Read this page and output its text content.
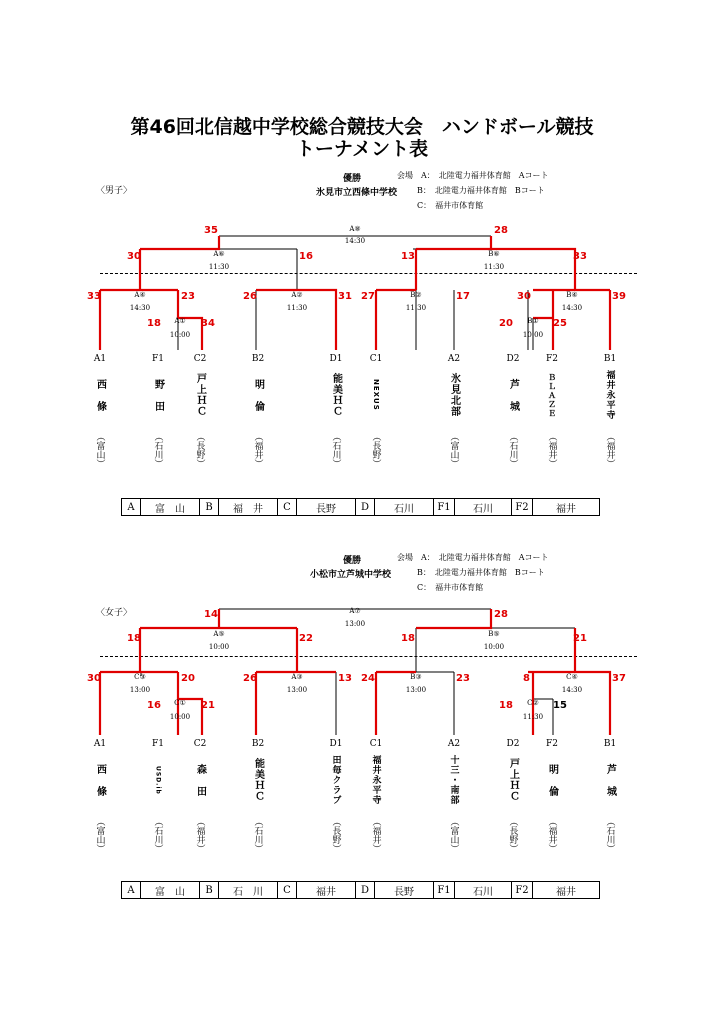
第46回北信越中学校総合競技大会　ハンドボール競技
トーナメント表
〈男子〉
優勝
氷見市立西條中学校
会場　 A：　 北陸電力福井体育館　Aコート
B：　 北陸電力福井体育館　Bコート
C：　 福井市体育館
A①
10:00
A②
11:30
A④
14:30
A⑥
11:30
A⑧
14:30
B①
10:00
B②
11:30
B④
14:30
B⑥
11:30
33	23
18	34
26	31 27	17	30	39
20	25
30	16	13	33
35	28
A1
西　條
（富山）
F1
野　田
（石川）
C2
戸上ＨＣ
（長野）
B2
明　倫
（福井）
D1
能美ＨＣ
（石川）
C1
NEXUS
（長野）
A2
氷見北部
（富山）
D2
芦　城
（石川）
F2
ＢＬＡＺＥ
（福井）
B1
福井永平寺
（福井）
A	富　山	B	福　井	C	長野	D	石川	F1	石川	F2	福井
〈女子〉
優勝
小松市立芦城中学校
会場　 A：　 北陸電力福井体育館　Aコート
B：　 北陸電力福井体育館　Bコート
C：　 福井市体育館
C①
10:00
A③
13:00
C③
13:00
A⑤
10:00
A⑦
13:00
C②
11:30
B③
13:00
C④
14:30
B⑤
10:00
30	20
16	21
26	13 24	23	8	37
18	15
18	22	18	21
14	28
A1
西　條
（富山）
F1
USD.ib
（石川）
C2
森　田
（福井）
B2
能美ＨＣ
（石川）
D1
田毎クラブ
（長野）
C1
福井永平寺
（福井）
A2
十三・南部
（富山）
D2
戸上ＨＣ
（長野）
F2
明　倫
（福井）
B1
芦　城
（石川）
A	富　山	B	石　川	C	福井	D	長野	F1	石川	F2	福井
